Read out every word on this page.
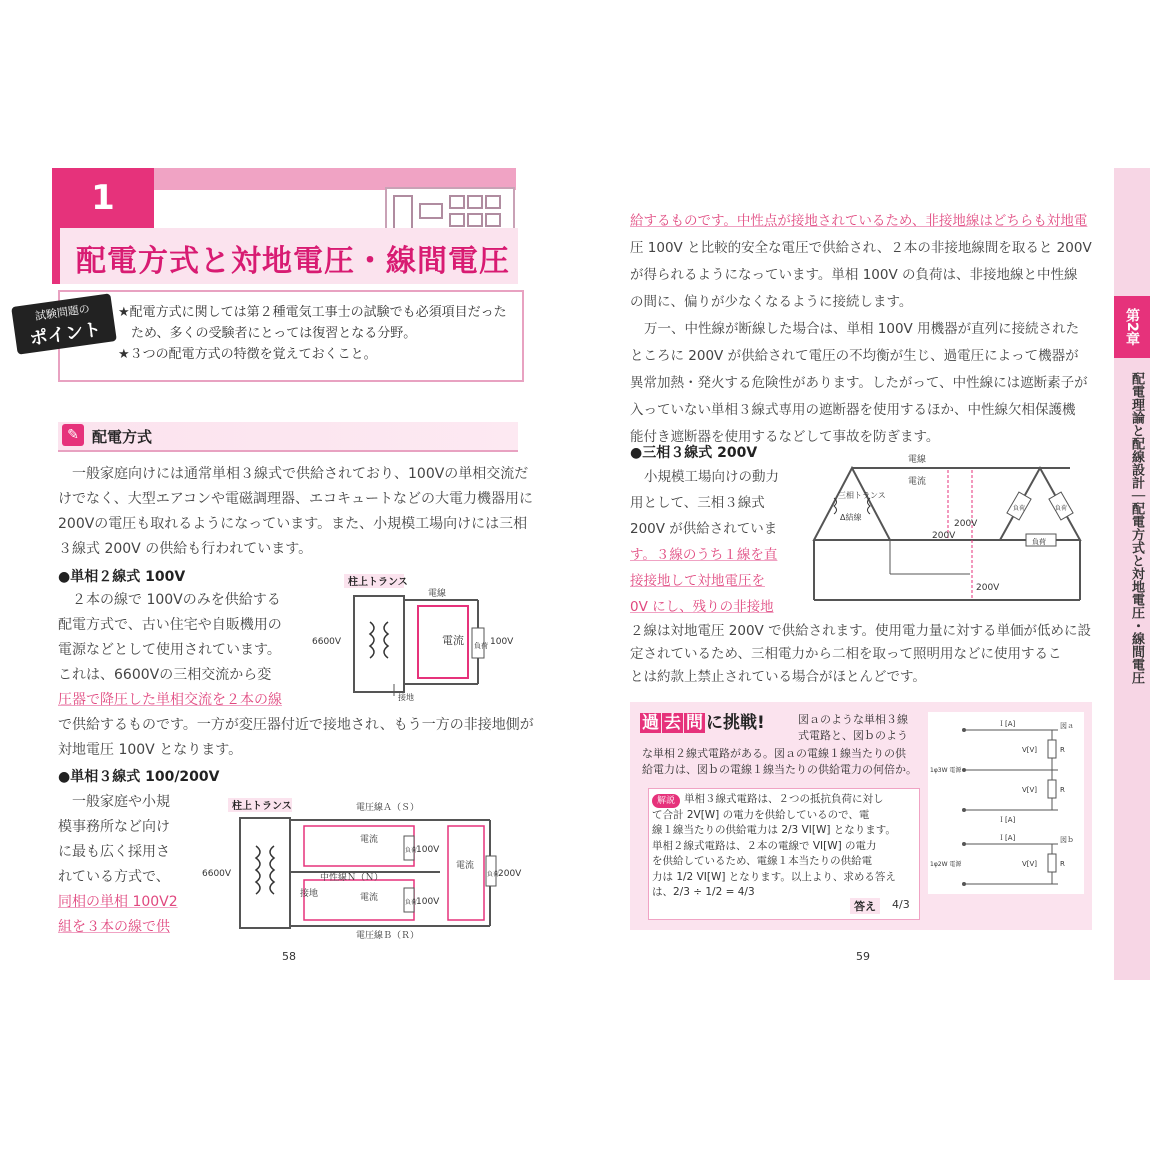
1
配電方式と対地電圧・線間電圧
試験問題の
ポイント
★配電方式に関しては第２種電気工事士の試験でも必須項目だった
　ため、多くの受験者にとっては復習となる分野。
★３つの配電方式の特徴を覚えておくこと。
✎ 配電方式
一般家庭向けには通常単相３線式で供給されており、100Vの単相交流だ
けでなく、大型エアコンや電磁調理器、エコキュートなどの大電力機器用に
200Vの電圧も取れるようになっています。また、小規模工場向けには三相
３線式 200V の供給も行われています。
●単相２線式 100V
２本の線で 100Vのみを供給する
配電方式で、古い住宅や自販機用の
電源などとして使用されています。
これは、6600Vの三相交流から変
圧器で降圧した単相交流を２本の線
で供給するものです。一方が変圧器付近で接地され、もう一方の非接地側が
対地電圧 100V となります。
柱上トランス
電線
6600V	電流 負荷 100V
接地
●単相３線式 100/200V
一般家庭や小規
模事務所など向け
に最も広く採用さ
れている方式で、
同相の単相 100V2
組を３本の線で供
柱上トランス	電圧線Ａ（Ｓ）
中性線Ｎ（Ｎ）
電圧線Ｂ（Ｒ）
6600V
電流
電流
電流
負荷
負荷
負荷
100V
100V
200V
接地
58
給するものです。中性点が接地されているため、非接地線はどちらも対地電
圧 100V と比較的安全な電圧で供給され、２本の非接地線間を取ると 200V
が得られるようになっています。単相 100V の負荷は、非接地線と中性線
の間に、偏りが少なくなるように接続します。
万一、中性線が断線した場合は、単相 100V 用機器が直列に接続された
ところに 200V が供給されて電圧の不均衡が生じ、過電圧によって機器が
異常加熱・発火する危険性があります。したがって、中性線には遮断素子が
入っていない単相３線式専用の遮断器を使用するほか、中性線欠相保護機
能付き遮断器を使用するなどして事故を防ぎます。
●三相３線式 200V
小規模工場向けの動力
用として、三相３線式
200V が供給されていま
す。３線のうち１線を直
接接地して対地電圧を
0V にし、残りの非接地
２線は対地電圧 200V で供給されます。使用電力量に対する単価が低めに設
定されているため、三相電力から二相を取って照明用などに使用するこ
とは約款上禁止されている場合がほとんどです。
三相トランス
Δ結線
電線
電流
負荷	負荷
負荷
200V
200V
200V
過 去 問 に挑戦!	図ａのような単相３線
式電路と、図ｂのよう
な単相２線式電路がある。図ａの電線１線当たりの供
給電力は、図ｂの電線１線当たりの供給電力の何倍か。
解説 単相３線式電路は、２つの抵抗負荷に対し
て合計 2V[W] の電力を供給しているので、電
線１線当たりの供給電力は 2/3 VI[W] となります。
単相２線式電路は、２本の電線で VI[W] の電力
を供給しているため、電線１本当たりの供給電
力は 1/2 VI[W] となります。以上より、求める答え
は、2/3 ÷ 1/2 = 4/3
答え	4/3
Ｉ[A]
Ｉ[A]
V[V]
V[V]
R
R
1φ3W 電源
図ａ
Ｉ[A]
V[V]	R
1φ2W 電源
図ｂ
59
第2章
配電理論と配線設計｜配電方式と対地電圧・線間電圧
